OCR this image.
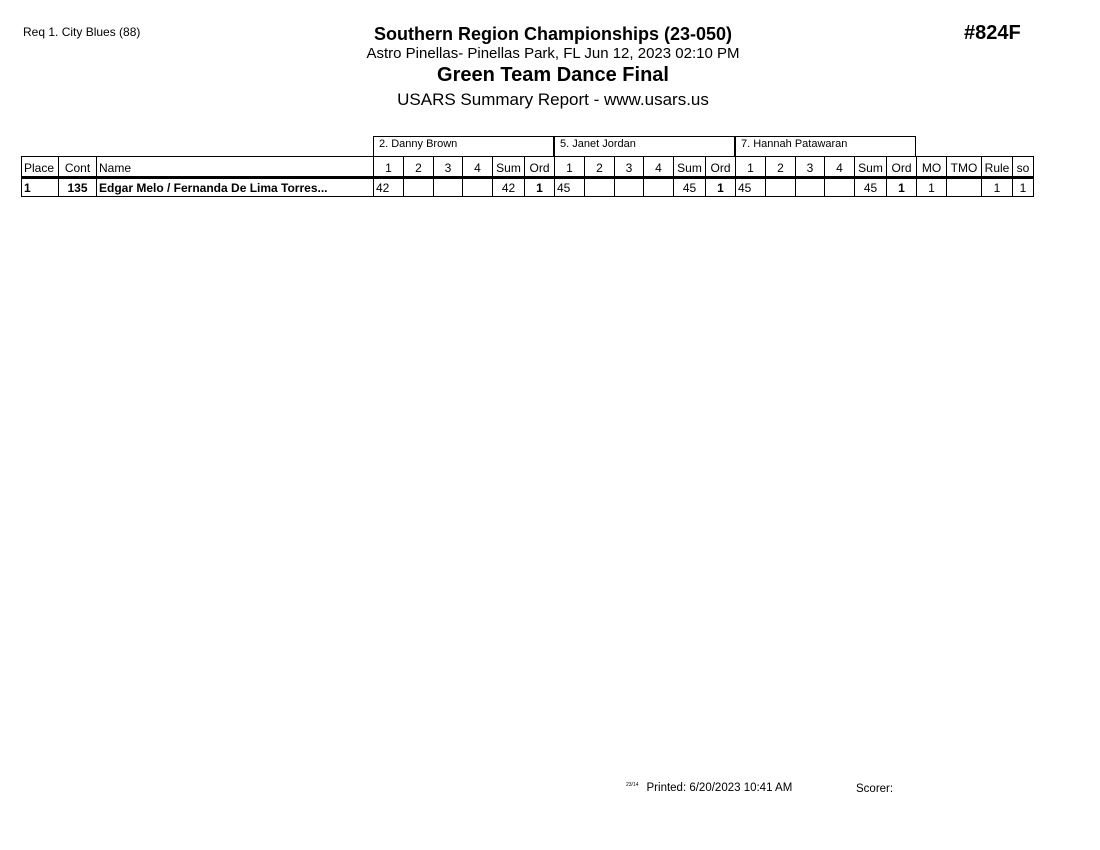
Req 1. City Blues (88)	#824F
Southern Region Championships (23-050)
Astro Pinellas- Pinellas Park, FL Jun 12, 2023 02:10 PM
Green Team Dance Final
USARS Summary Report - www.usars.us
2. Danny Brown	5. Janet Jordan	7. Hannah Patawaran
Place	Cont	Name	1	2	3	4	Sum	Ord	1	2	3	4	Sum	Ord	1	2	3	4	Sum	Ord	MO	TMO	Rule	so
1	135	Edgar Melo / Fernanda De Lima Torres...	42				42	1	45				45	1	45				45	1	1		1	1
$^{23/14}$ Printed: 6/20/2023 10:41 AM	Scorer:
